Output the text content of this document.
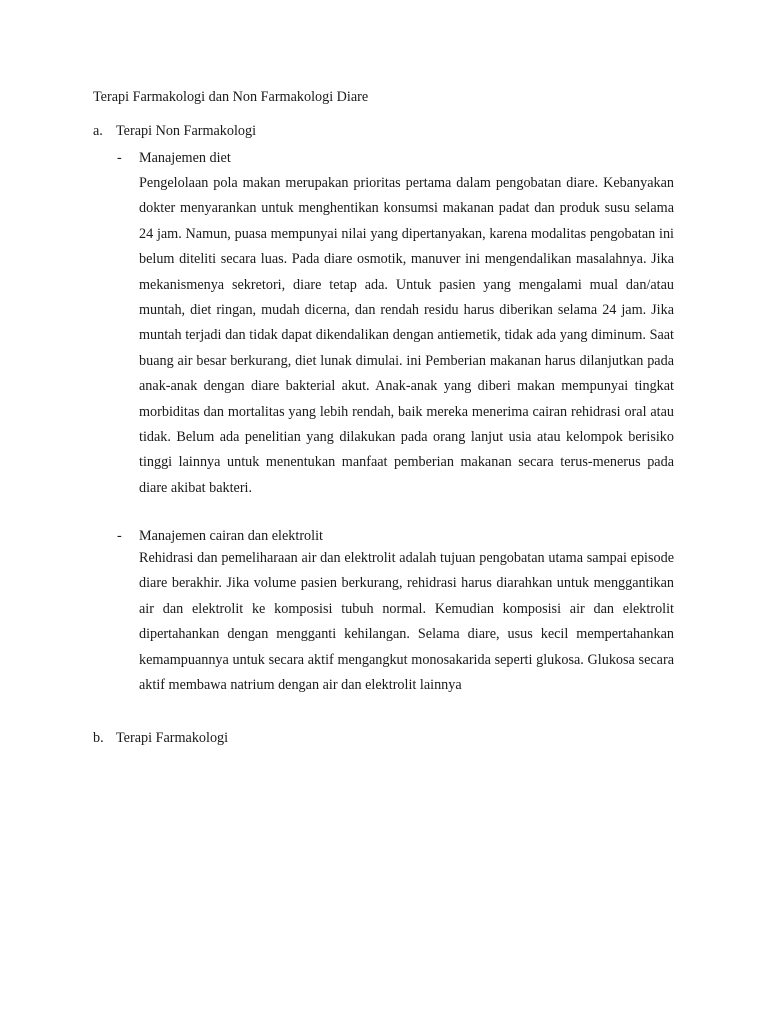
Terapi Farmakologi dan Non Farmakologi Diare
a. Terapi Non Farmakologi
- Manajemen diet

Pengelolaan pola makan merupakan prioritas pertama dalam pengobatan diare. Kebanyakan dokter menyarankan untuk menghentikan konsumsi makanan padat dan produk susu selama 24 jam. Namun, puasa mempunyai nilai yang dipertanyakan, karena modalitas pengobatan ini belum diteliti secara luas. Pada diare osmotik, manuver ini mengendalikan masalahnya. Jika mekanismenya sekretori, diare tetap ada. Untuk pasien yang mengalami mual dan/atau muntah, diet ringan, mudah dicerna, dan rendah residu harus diberikan selama 24 jam. Jika muntah terjadi dan tidak dapat dikendalikan dengan antiemetik, tidak ada yang diminum. Saat buang air besar berkurang, diet lunak dimulai. ini Pemberian makanan harus dilanjutkan pada anak-anak dengan diare bakterial akut. Anak-anak yang diberi makan mempunyai tingkat morbiditas dan mortalitas yang lebih rendah, baik mereka menerima cairan rehidrasi oral atau tidak. Belum ada penelitian yang dilakukan pada orang lanjut usia atau kelompok berisiko tinggi lainnya untuk menentukan manfaat pemberian makanan secara terus-menerus pada diare akibat bakteri.

- Manajemen cairan dan elektrolit

Rehidrasi dan pemeliharaan air dan elektrolit adalah tujuan pengobatan utama sampai episode diare berakhir. Jika volume pasien berkurang, rehidrasi harus diarahkan untuk menggantikan air dan elektrolit ke komposisi tubuh normal. Kemudian komposisi air dan elektrolit dipertahankan dengan mengganti kehilangan. Selama diare, usus kecil mempertahankan kemampuannya untuk secara aktif mengangkut monosakarida seperti glukosa. Glukosa secara aktif membawa natrium dengan air dan elektrolit lainnya

b. Terapi Farmakologi
